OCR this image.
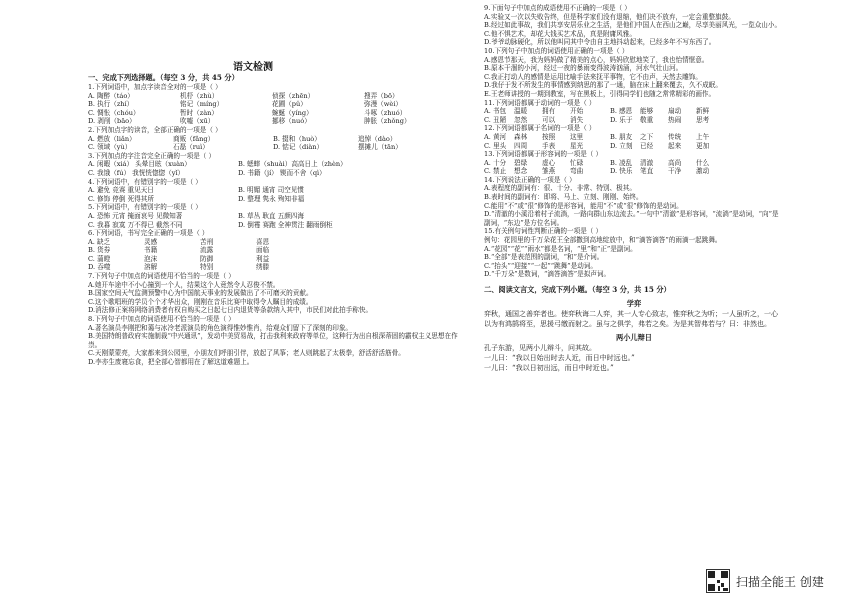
语文检测
一、完成下列选择题。（每空 3 分，共 45 分）
1.下列词语中，加点字读音全对的一项是（ ）
A. 陶醉（táo）	机杼（zhù）	侦探（zhēn）	搜弄（bō）
B. 执行（zhí）	铭记（míng）	花圃（pǔ）	弥漫（wèi）
C. 惆怅（chóu）	暂时（zàn）	蜿蜒（yíng）	斗啄（zhuó）
D. 剥削（bāo）	吹嘘（xū）	挪移（nuó）	肿胀（zhǒng）
2.下列加点字的读音，全部正确的一项是（ ）
A. 燃放（liǎn）	商贩（fǎng）	B. 掇和（huò）	追悼（dào）
C. 领域（yù）	石磊（ruì）	D. 惦记（diàn）	摆摊儿（tān）
3.下列加点的字注音完全正确的一项是（ ）
A. 闲暇（xiá） 头晕目眩（xuàn）	B. 蟋蟀（shuài）高高日上（zhèn）
C. 我饿（fú） 我恍恍惚惚（yǐ）	D. 书籍（jí） 锲而不舍（qì）
4.下列词语中，有错别字的一项是（ ）
A. 避免 竞赛 重见天日	B. 明媚 通宵 司空见惯
C. 修饰 停倒 死得其所	D. 整理 隽永 殉知非福
5.下列词语中，有错别字的一项是（ ）
A. 恐怖 元宵 掩面哀号 见微知著	B. 草丛 耿直 五颜四海
C. 我暮 寂寞 万不得已 截然不同	D. 倒霉 赛跑 全神贯注 翻雨倒柜
6.下列词语，书写完全正确的一项是（ ）
A. 缺乏	灵感	苦刑	喜恩
B. 货券	书籍	流露	面临
C. 蒲瞪	泡沫	防御	利益
D. 吞噬	溶解	特别	绣滕
7.下列句子中加点的词语使用不恰当的一项是（ ）
A.她开车途中不小心撞到一个人，结果这个人竟然令人忍俊不禁。
B.国家空间天气监测预警中心为中国航天事业的发展做出了不可磨灭的贡献。
C.这个歌唱班的学员个个才华出众，刚刚在音乐比赛中取得令人瞩目的成绩。
D.消法修正案将网络消费者有权自购买之日起七日内退货等条款纳入其中，市民们对此拍手称快。
8.下列句子中加点的词语使用不恰当的一项是（ ）
A.著名演员李刚把和蔼与冰冷老派演员的角色演得惟妙惟肖，给观众们留下了深刻的印象。
B.美国特朗普政府实施制裁“中兴通讯”，发动中美贸易战，打击我利来政府等单位，这种行为出自根深蒂固的霸权主义思想在作祟。
C.天刚蒙蒙亮，大家都来到公园里，小朋友们呼朋引伴，放起了风筝；老人则跳起了太极拳，舒活舒活筋骨。
D.李亦生废寝忘食，把全部心智都用在了解这道难题上。
9.下面句子中加点的成语使用不正确的一项是（ ）
A.实验又一次以失败告终，但是科学家们没有退缩，他们决不放弃，一定会重整旗鼓。
B.经过如此事故，我们共享安居乐业之生活，是他们中国人在西山之巅，尽享美丽风光，一览众山小。
C.他不惧艺术，却花大钱买艺术品，真是附庸风雅。
D.爷爷动脉硬化，所以他叫同其中令由自主地抖动起来，已经多年不写东西了。
10.下列句子中加点的词语使用正确的一项是（ ）
A.感恩节那天，我为妈妈做了精美的点心，妈妈欣慰地笑了，我也怡情惬意。
B.原本干涸的小河，经过一夜的暴雨变得波涛汹涌，河水气壮山河。
C.我正打动人的感情是运用比喻手法来抚平事物，它不由声，天然去雕饰。
D.我仔于发不所发生的事情感到纳思的那了一通，脑在床上翻来覆去，久不成眠。
E.王老师讲授的一期到教室，写在黑板上，引得同学们也随之常常精彩的画作。
11.下列词语都属于动词的一项是（ ）
A. 书包	温暖	拥有	开始	B. 感恩	能够	扇动	新鲜
C. 丑陋	忽然	可以	消失	D. 乐于	敬重	热闹	思考
12.下列词语都属于名词的一项是（ ）
A. 黄河	森林	按照	这里	B. 朋友	之下	传统	上午
C. 里头	四周	手表	星光	D. 立刻	已经	起来	更加
13.下列词语都属于形容词的一项是（ ）
A. 十分	碧绿	虚心	忙碌	B. 凌乱	清澈	高尚	什么
C. 禁止	想念	雏燕	弯曲	D. 快乐	笔直	干净	激动
14.下列说法正确的一项是（ ）
A.表程度的副词有：很、十分、非常、特别、极其。
B.表时间的副词有：即将、马上、立刻、刚刚、始终。
C.能用“不”或“很”修饰的是形容词，能用“不”或“很”修饰的是动词。
D.“清澈的小溪沿着村子流淌，一路向群山东边流去。”一句中“清澈”是形容词，“流淌”是动词，“向”是副词，“东边”是方位名词。
15.有关例句词性判断正确的一项是（ ）
例句：花园里的千万朵花王全部撒到高地绽放中，和“滴答滴答”的雨滴一起跳舞。
A.“花园”“花”“雨水”都是名词，“里”和“正”是副词。
B.“全部”是表范围的副词，“和”是介词。
C.“抬头”“迎接”“一起”“跳舞”是动词。
D.“千万朵”是数词，“滴答滴答”是拟声词。
二、阅读文言文，完成下列小题。（每空 3 分，共 15 分）
学弈
弈秋，通国之善弈者也。使弈秋诲二人弈，其一人专心致志，惟弈秋之为听；一人虽听之，一心以为有鸿鹄将至，思援弓缴而射之。虽与之俱学，弗若之矣。为是其智弗若与？曰：非然也。
两小儿辩日
孔子东游，见两小儿辩斗，问其故。
一儿曰：“我以日始出时去人近，而日中时远也。”
一儿曰：“我以日初出远，而日中时近也。”
扫描全能王 创建
